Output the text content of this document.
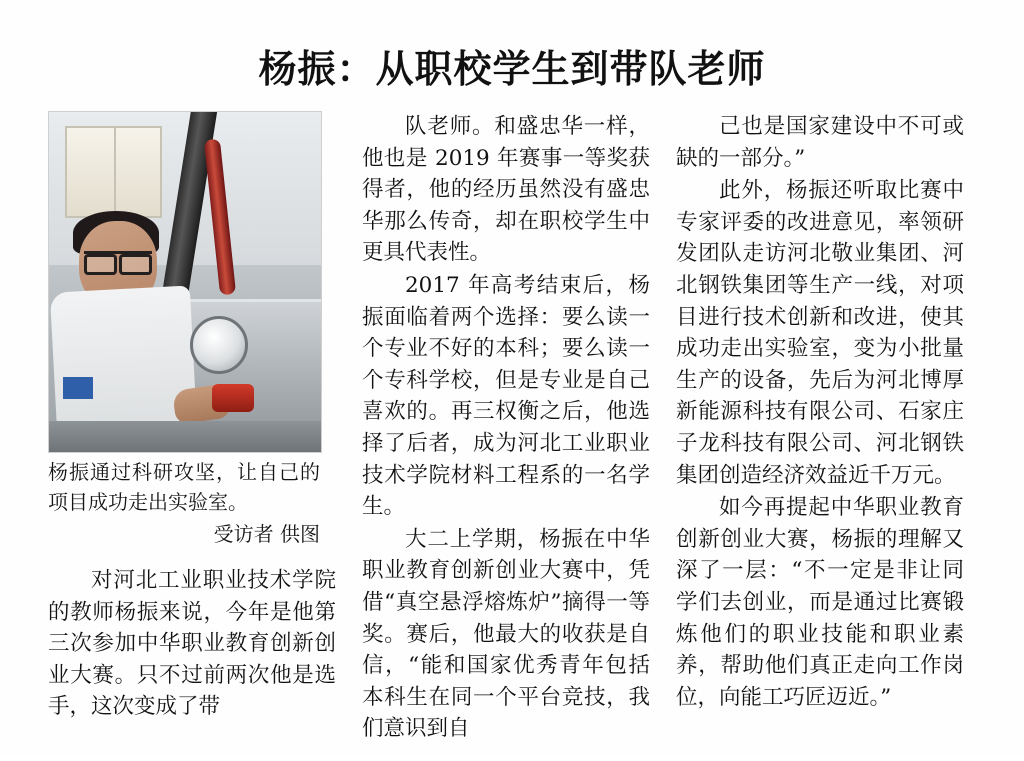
杨振：从职校学生到带队老师
杨振通过科研攻坚，让自己的项目成功走出实验室。
受访者 供图

对河北工业职业技术学院的教师杨振来说，今年是他第三次参加中华职业教育创新创业大赛。只不过前两次他是选手，这次变成了带

队老师。和盛忠华一样，他也是 2019 年赛事一等奖获得者，他的经历虽然没有盛忠华那么传奇，却在职校学生中更具代表性。

2017 年高考结束后，杨振面临着两个选择：要么读一个专业不好的本科；要么读一个专科学校，但是专业是自己喜欢的。再三权衡之后，他选择了后者，成为河北工业职业技术学院材料工程系的一名学生。

大二上学期，杨振在中华职业教育创新创业大赛中，凭借“真空悬浮熔炼炉”摘得一等奖。赛后，他最大的收获是自信，“能和国家优秀青年包括本科生在同一个平台竞技，我们意识到自

己也是国家建设中不可或缺的一部分。”

此外，杨振还听取比赛中专家评委的改进意见，率领研发团队走访河北敬业集团、河北钢铁集团等生产一线，对项目进行技术创新和改进，使其成功走出实验室，变为小批量生产的设备，先后为河北博厚新能源科技有限公司、石家庄子龙科技有限公司、河北钢铁集团创造经济效益近千万元。

如今再提起中华职业教育创新创业大赛，杨振的理解又深了一层：“不一定是非让同学们去创业，而是通过比赛锻炼他们的职业技能和职业素养，帮助他们真正走向工作岗位，向能工巧匠迈近。”
